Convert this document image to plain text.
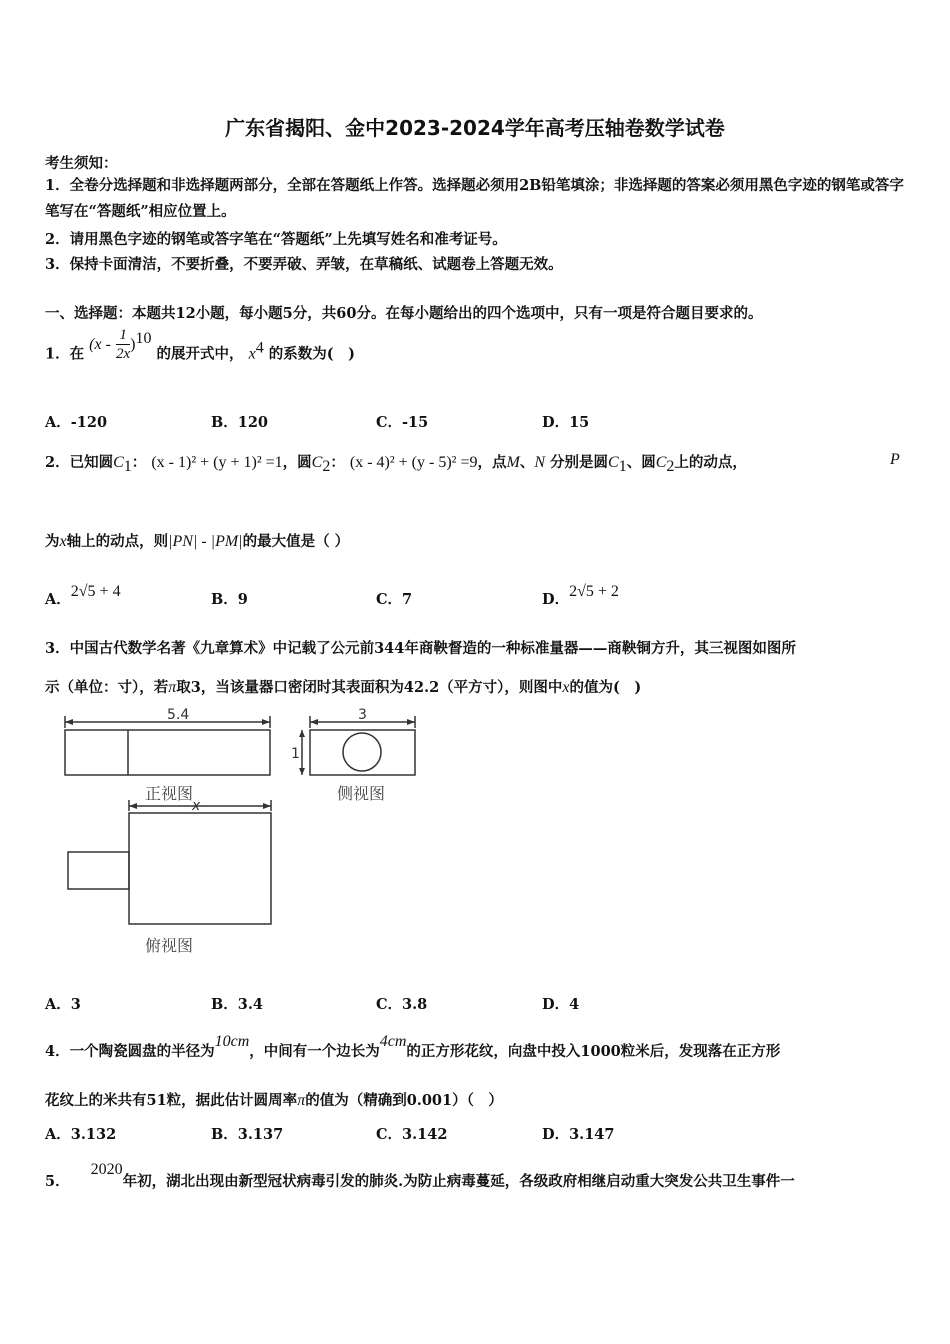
广东省揭阳、金中2023-2024学年高考压轴卷数学试卷
考生须知：
1．全卷分选择题和非选择题两部分，全部在答题纸上作答。选择题必须用2B铅笔填涂；非选择题的答案必须用黑色字迹的钢笔或答字笔写在“答题纸”相应位置上。
2．请用黑色字迹的钢笔或答字笔在“答题纸”上先填写姓名和准考证号。
3．保持卡面清洁，不要折叠，不要弄破、弄皱，在草稿纸、试题卷上答题无效。
一、选择题：本题共12小题，每小题5分，共60分。在每小题给出的四个选项中，只有一项是符合题目要求的。
1．在 $(x - \frac{1}{2x} )^{10}$ 的展开式中， $x^4$ 的系数为(　)
A．-120	B．120	C．-15	D．15
2．已知圆$C_1$： (x - 1)² + (y + 1)² =1，圆$C_2$： (x - 4)² + (y - 5)² =9，点M、N 分别是圆$C_1$、圆$C_2$上的动点，	P
为x轴上的动点，则|PN| - |PM|的最大值是（ ）
A．2√5 + 4	B．9	C．7	D．2√5 + 2
3．中国古代数学名著《九章算术》中记载了公元前344年商鞅督造的一种标准量器——商鞅铜方升，其三视图如图所
示（单位：寸），若π取3，当该量器口密闭时其表面积为42.2（平方寸），则图中x的值为(　)
5.4	3
1
x
正视图	侧视图
俯视图
A．3	B．3.4	C．3.8	D．4
4．一个陶瓷圆盘的半径为10cm，中间有一个边长为4cm的正方形花纹，向盘中投入1000粒米后，发现落在正方形
花纹上的米共有51粒，据此估计圆周率π的值为（精确到0.001）（　）
A．3.132	B．3.137	C．3.142	D．3.147
5． 2020年初，湖北出现由新型冠状病毒引发的肺炎.为防止病毒蔓延，各级政府相继启动重大突发公共卫生事件一
